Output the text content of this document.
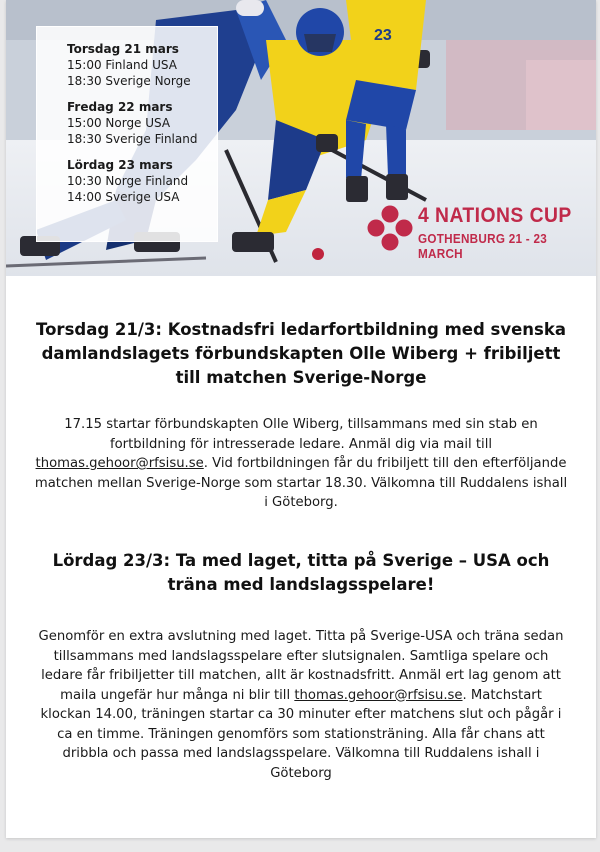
23
Torsdag 21 mars
15:00 Finland USA
18:30 Sverige Norge
Fredag 22 mars
15:00 Norge USA
18:30 Sverige Finland
Lördag 23 mars
10:30 Norge Finland
14:00 Sverige USA
4 NATIONS CUP
GOTHENBURG 21 - 23 MARCH
Torsdag 21/3: Kostnadsfri ledarfortbildning med svenska damlandslagets förbundskapten Olle Wiberg + fribiljett till matchen Sverige-Norge
17.15 startar förbundskapten Olle Wiberg, tillsammans med sin stab en fortbildning för intresserade ledare. Anmäl dig via mail till thomas.gehoor@rfsisu.se. Vid fortbildningen får du fribiljett till den efterföljande matchen mellan Sverige-Norge som startar 18.30. Välkomna till Ruddalens ishall i Göteborg.
Lördag 23/3: Ta med laget, titta på Sverige – USA och träna med landslagsspelare!
Genomför en extra avslutning med laget. Titta på Sverige-USA och träna sedan tillsammans med landslagsspelare efter slutsignalen. Samtliga spelare och ledare får fribiljetter till matchen, allt är kostnadsfritt. Anmäl ert lag genom att maila ungefär hur många ni blir till thomas.gehoor@rfsisu.se. Matchstart klockan 14.00, träningen startar ca 30 minuter efter matchens slut och pågår i ca en timme. Träningen genomförs som stationsträning. Alla får chans att dribbla och passa med landslagsspelare. Välkomna till Ruddalens ishall i Göteborg
